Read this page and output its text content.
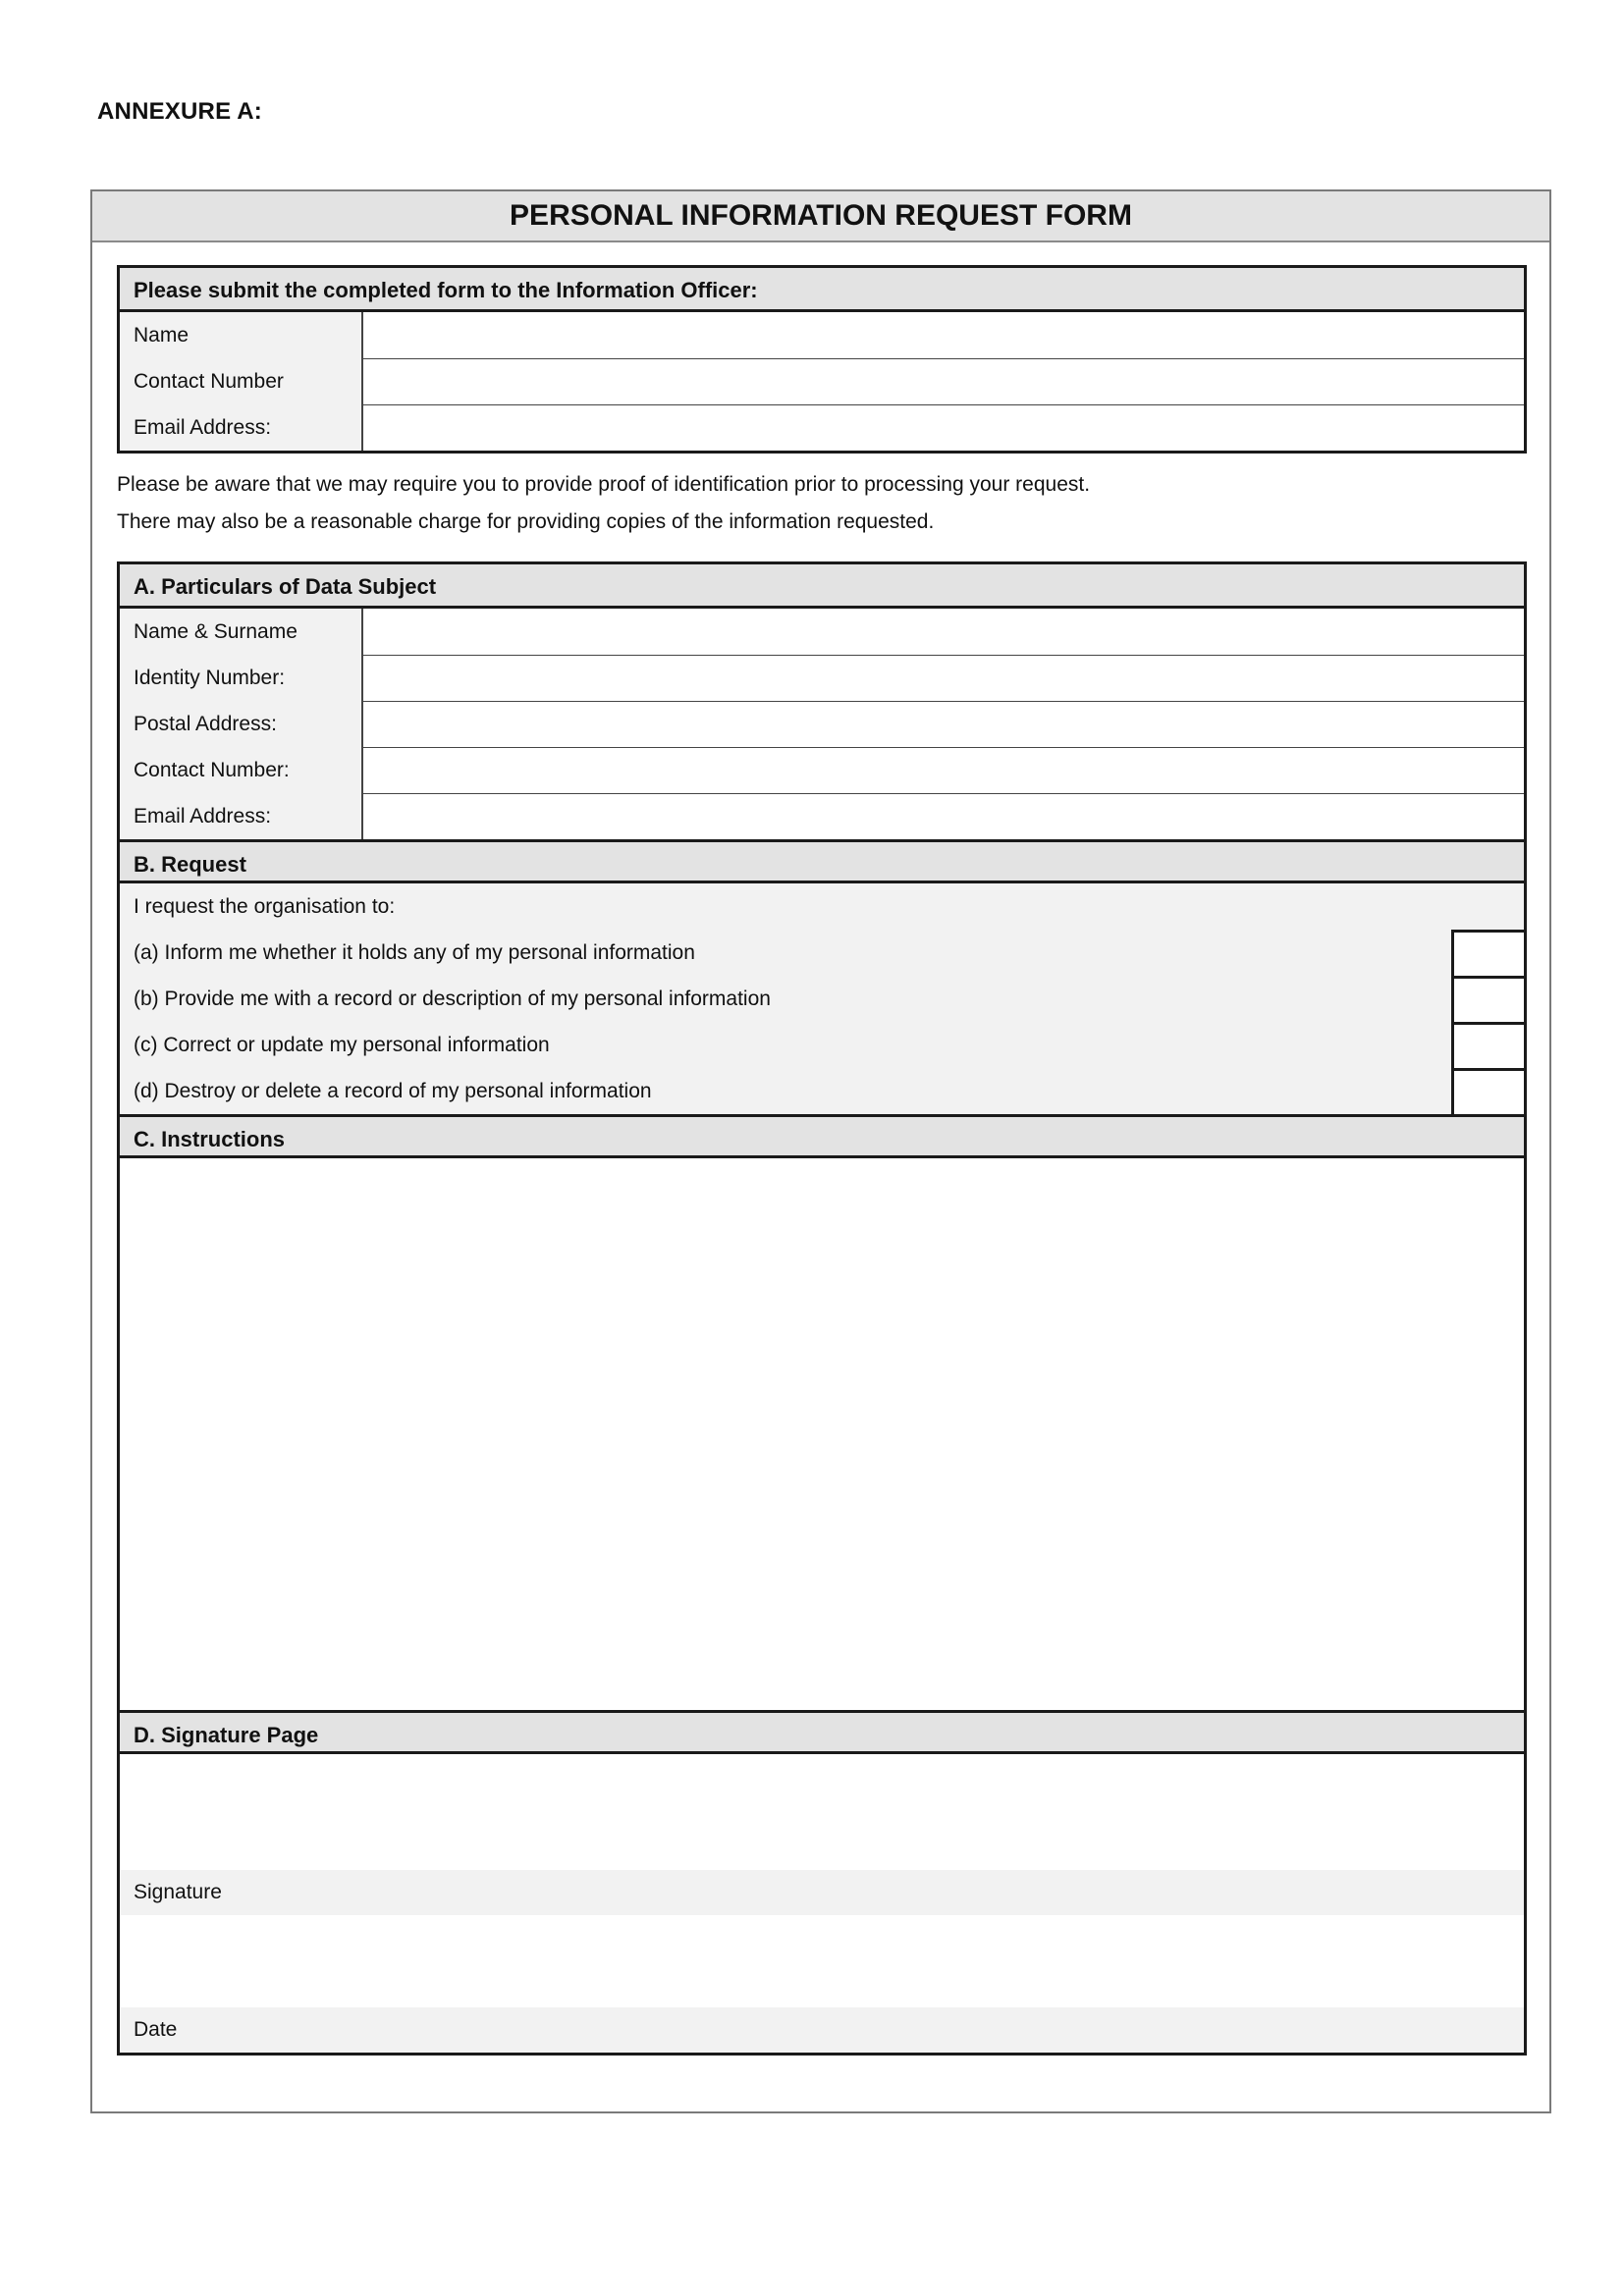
ANNEXURE A:
PERSONAL INFORMATION REQUEST FORM
Please submit the completed form to the Information Officer:
Name
Contact Number
Email Address:
Please be aware that we may require you to provide proof of identification prior to processing your request.
There may also be a reasonable charge for providing copies of the information requested.
A. Particulars of Data Subject
Name & Surname
Identity Number:
Postal Address:
Contact Number:
Email Address:
B. Request
I request the organisation to:
(a) Inform me whether it holds any of my personal information
(b) Provide me with a record or description of my personal information
(c) Correct or update my personal information
(d) Destroy or delete a record of my personal information
C. Instructions
D. Signature Page
Signature
Date
